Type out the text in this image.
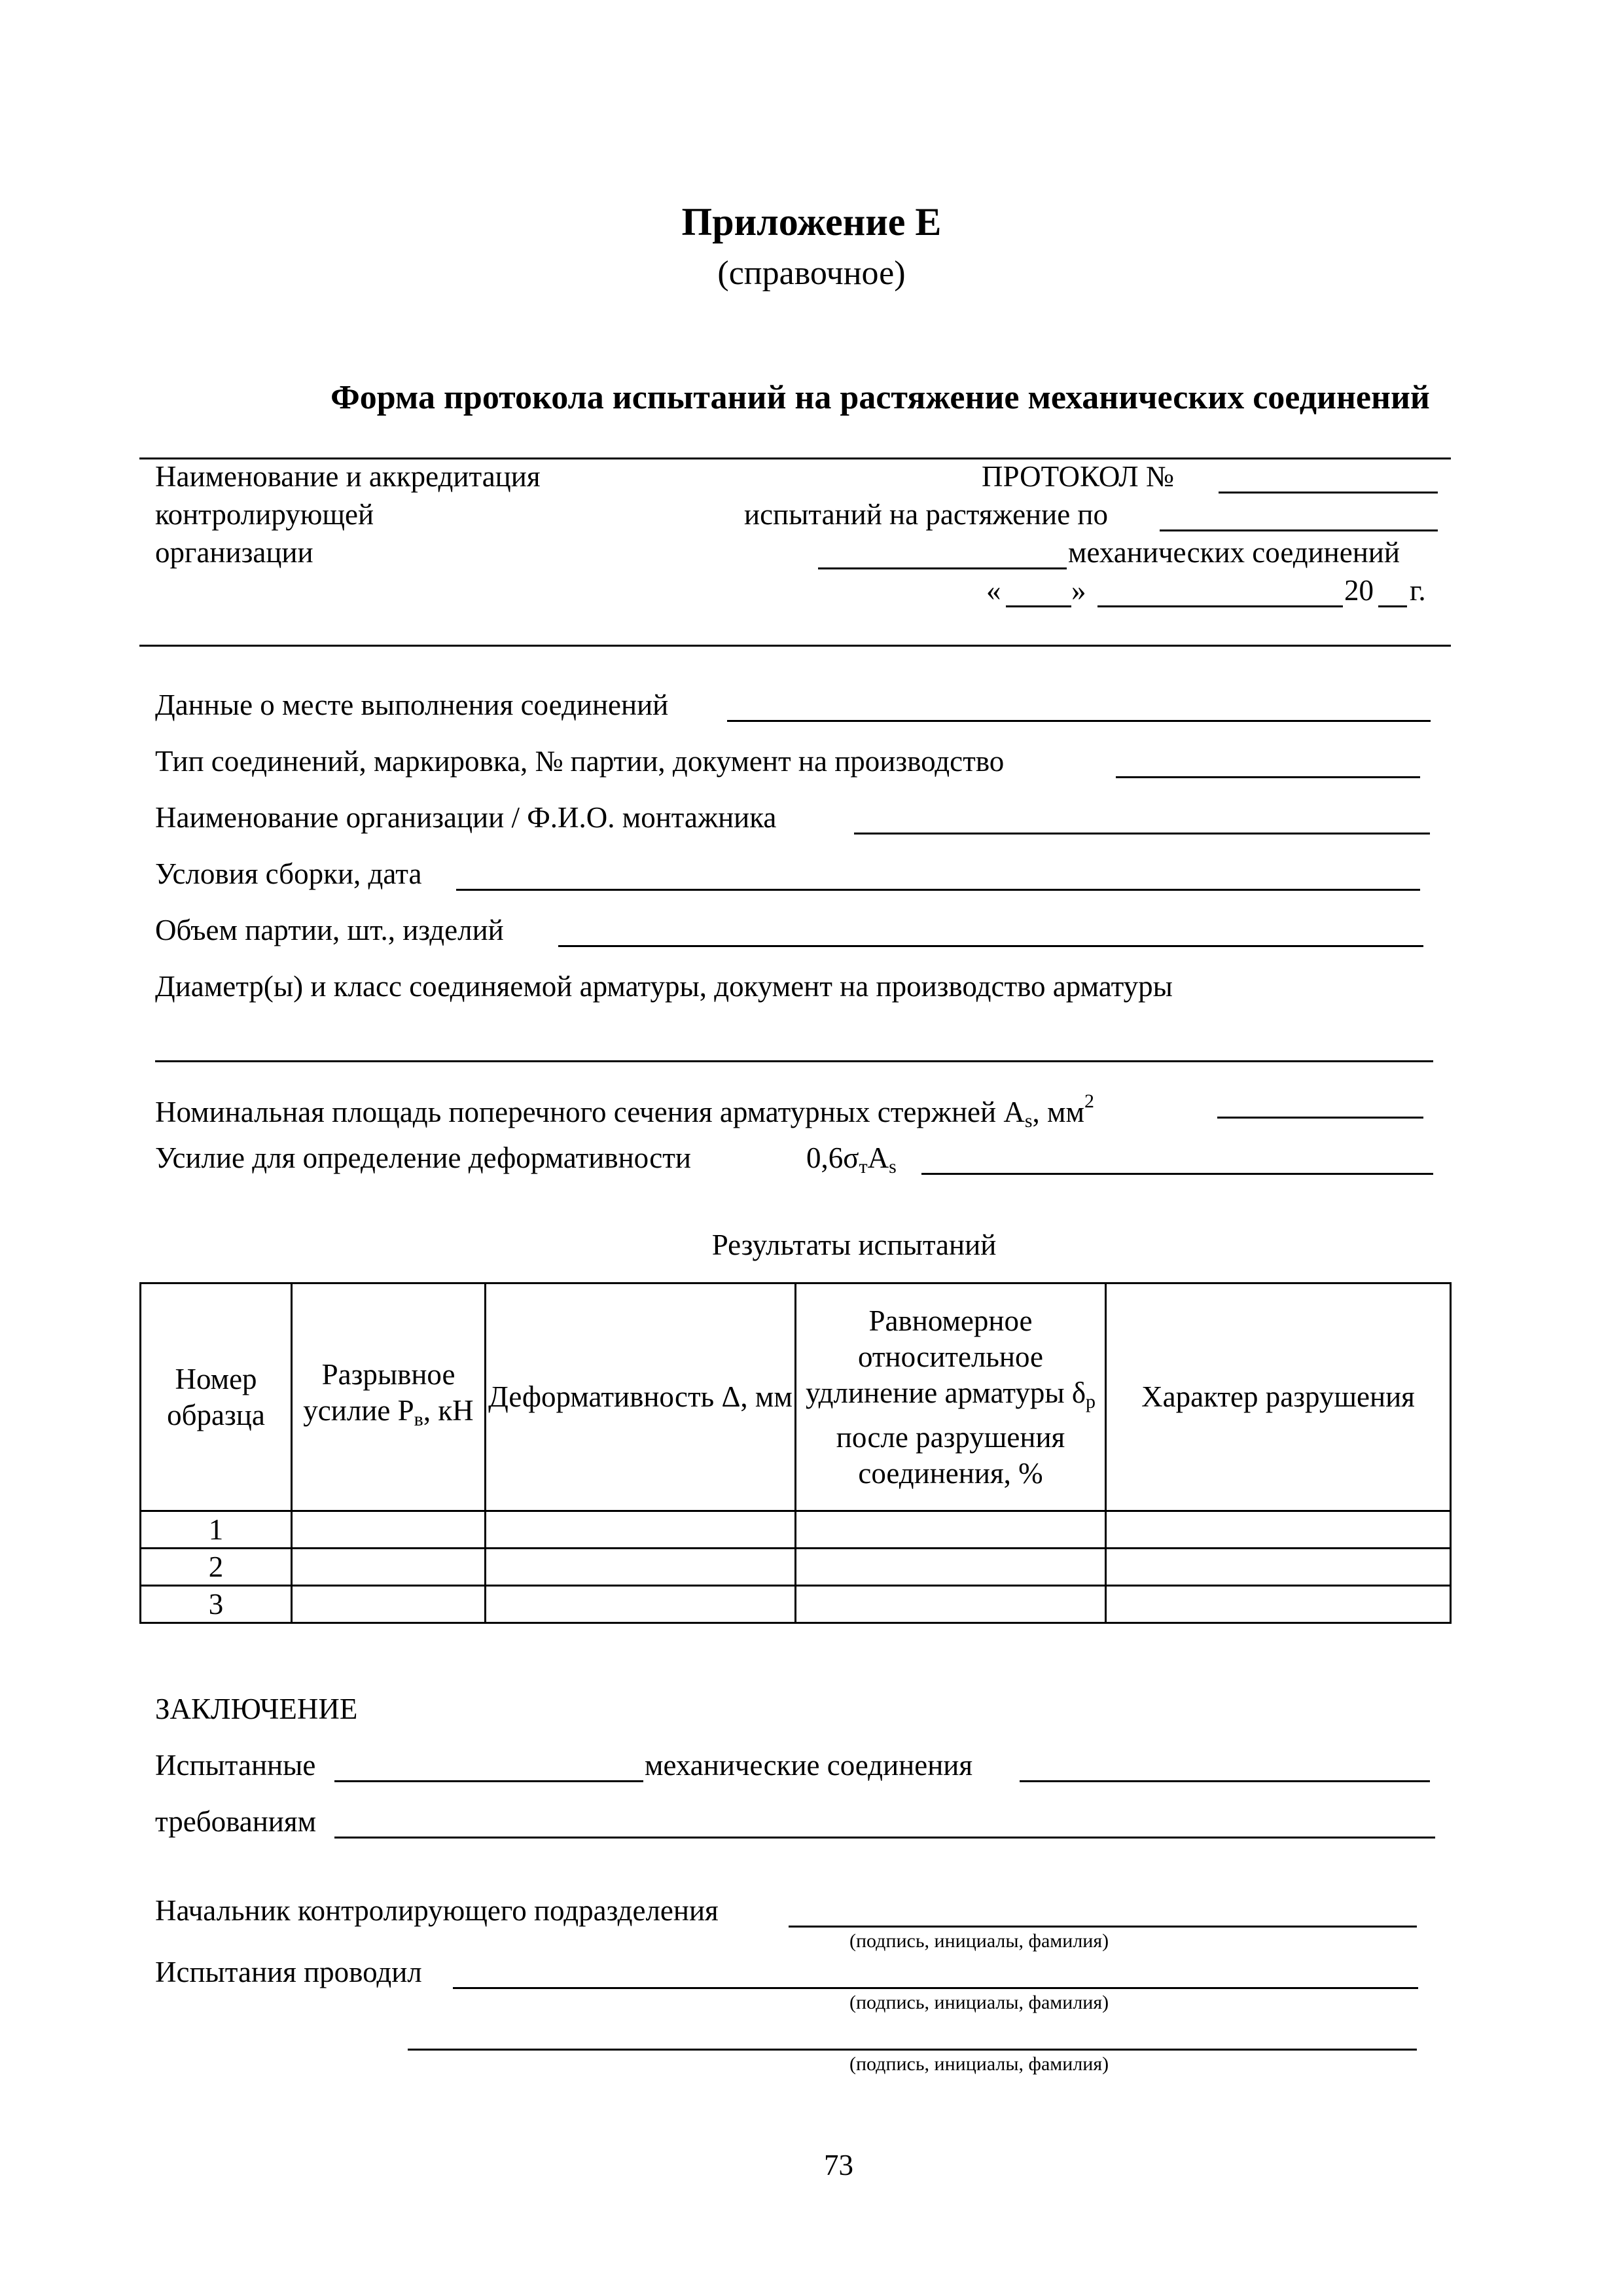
Приложение Е
(справочное)
Форма протокола испытаний на растяжение механических соединений
Наименование и аккредитация
контролирующей
организации
ПРОТОКОЛ №
испытаний на растяжение по
механических соединений
« »	20 г.
Данные о месте выполнения соединений
Тип соединений, маркировка, № партии, документ на производство
Наименование организации / Ф.И.О. монтажника
Условия сборки, дата
Объем партии, шт., изделий
Диаметр(ы) и класс соединяемой арматуры, документ на производство арматуры
Номинальная площадь поперечного сечения арматурных стержней $A_s$, $мм^2$
Усилие для определение деформативности	$0,6\sigma_тA_s$
Результаты испытаний
Номер образца	Разрывное усилие $P_в$, кН	Деформативность Δ, мм	Равномерное относительное удлинение арматуры $\delta_р$ после разрушения соединения, %	Характер разрушения
1				
2				
3				
ЗАКЛЮЧЕНИЕ
Испытанные	механические соединения
требованиям
Начальник контролирующего подразделения
(подпись, инициалы, фамилия)
Испытания проводил
(подпись, инициалы, фамилия)
(подпись, инициалы, фамилия)
73
